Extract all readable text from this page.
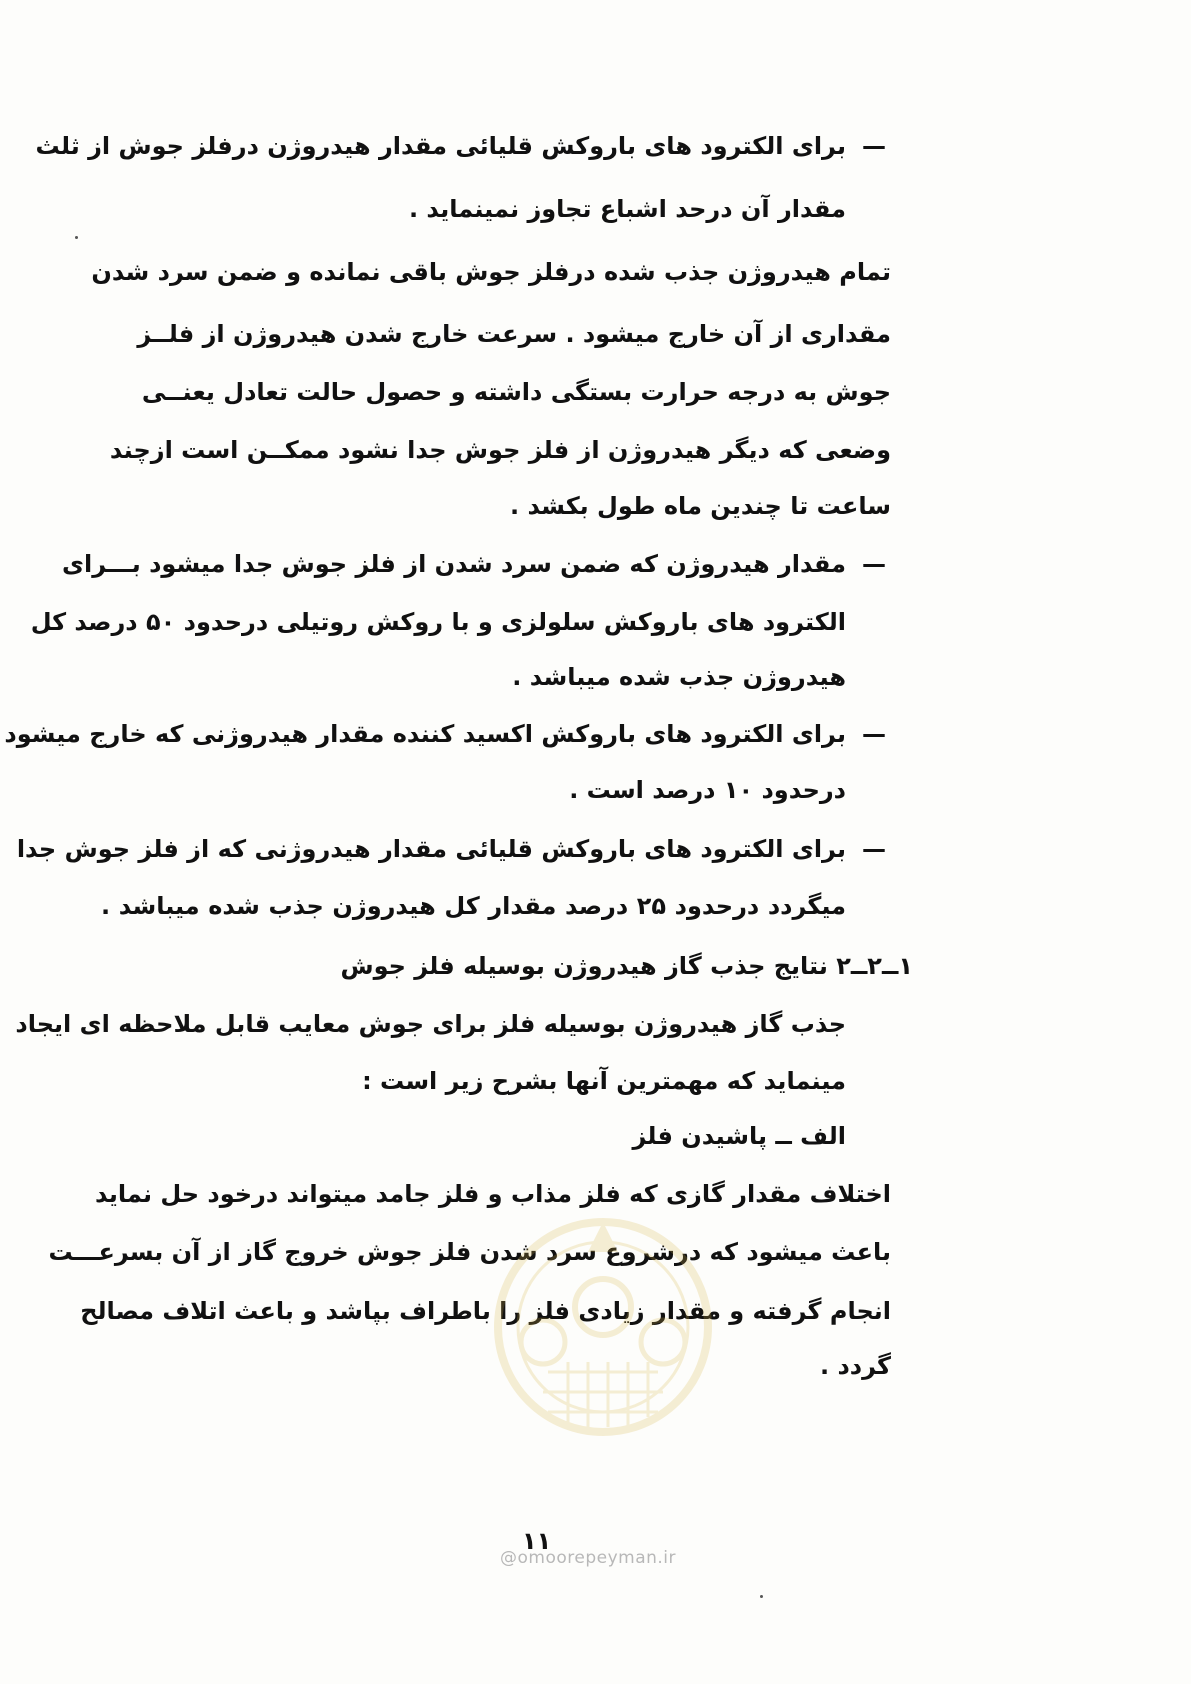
—
برای الکترود های باروکش قلیائی مقدار هیدروژن درفلز جوش از ثلث
مقدار آن درحد اشباع تجاوز نمینماید .
تمام هیدروژن جذب شده درفلز جوش باقی نمانده و ضمن سرد شدن
مقداری از آن خارج میشود . سرعت خارج شدن هیدروژن از فلــز
جوش به درجه حرارت بستگی داشته و حصول حالت تعادل یعنــی
وضعی که دیگر هیدروژن از فلز جوش جدا نشود ممکــن است ازچند
ساعت تا چندین ماه طول بکشد .
—
مقدار هیدروژن که ضمن سرد شدن از فلز جوش جدا میشود بـــرای
الکترود های باروکش سلولزی و با روکش روتیلی درحدود ۵۰ درصد کل
هیدروژن جذب شده میباشد .
—
برای الکترود های باروکش اکسید کننده مقدار هیدروژنی که خارج میشود
درحدود ۱۰ درصد است .
—
برای الکترود های باروکش قلیائی مقدار هیدروژنی که از فلز جوش جدا
میگردد درحدود ۲۵ درصد مقدار کل هیدروژن جذب شده میباشد .
۱ــ۲ــ۲ نتایج جذب گاز هیدروژن بوسیله فلز جوش
جذب گاز هیدروژن بوسیله فلز برای جوش معایب قابل ملاحظه ای ایجاد
مینماید که مهمترین آنها بشرح زیر است :
الف ــ پاشیدن فلز
اختلاف مقدار گازی که فلز مذاب و فلز جامد میتواند درخود حل نماید
باعث میشود که درشروع سرد شدن فلز جوش خروج گاز از آن بسرعـــت
انجام گرفته و مقدار زیادی فلز را باطراف بپاشد و باعث اتلاف مصالح
گردد .
@omoorepeyman.ir
۱۱
